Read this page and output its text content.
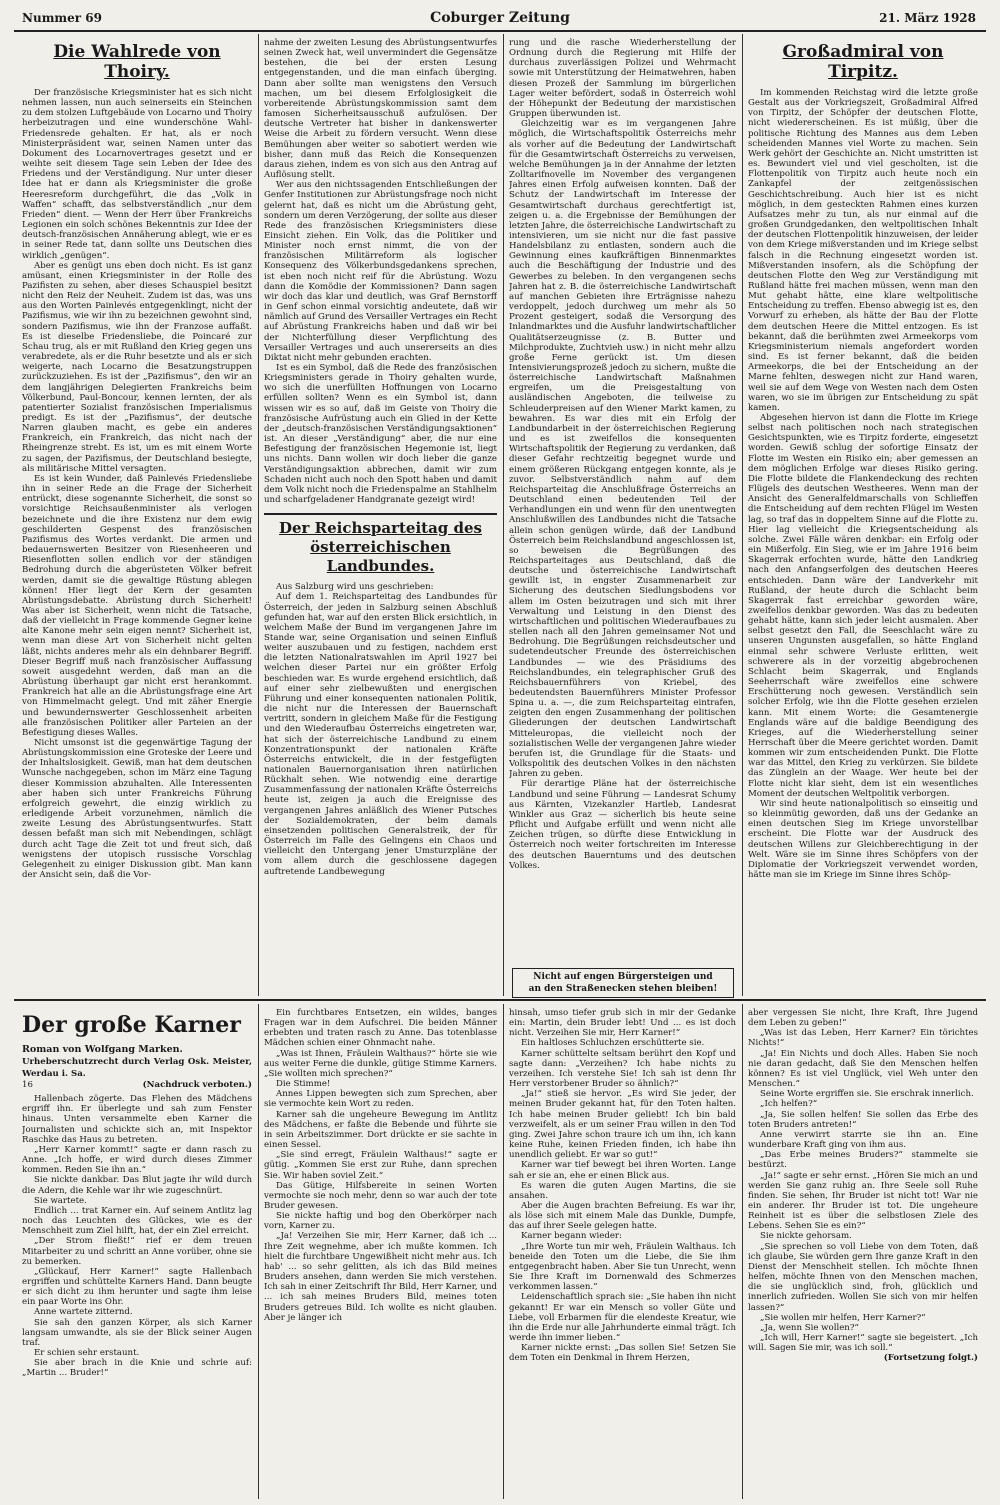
Nummer 69	Coburger Zeitung	21. März 1928
Die Wahlrede von Thoiry.

Der französische Kriegsminister hat es sich nicht nehmen lassen, nun auch seinerseits ein Steinchen zu dem stolzen Luftgebäude von Locarno und Thoiry herbeizutragen und eine wunderschöne Wahl-Friedensrede gehalten. Er hat, als er noch Ministerpräsident war, seinen Namen unter das Dokument des Locarnovertrages gesetzt und er weihte seit diesem Tage sein Leben der Idee des Friedens und der Verständigung. Nur unter dieser Idee hat er dann als Kriegsminister die große Heeresreform durchgeführt, die das „Volk in Waffen“ schafft, das selbstverständlich „nur dem Frieden“ dient. — Wenn der Herr über Frankreichs Legionen ein solch schönes Bekenntnis zur Idee der deutsch-französischen Annäherung ablegt, wie er es in seiner Rede tat, dann sollte uns Deutschen dies wirklich „genügen“.

Aber es genügt uns eben doch nicht. Es ist ganz amüsant, einen Kriegsminister in der Rolle des Pazifisten zu sehen, aber dieses Schauspiel besitzt nicht den Reiz der Neuheit. Zudem ist das, was uns aus den Worten Painlevés entgegenklingt, nicht der Pazifismus, wie wir ihn zu bezeichnen gewohnt sind, sondern Pazifismus, wie ihn der Franzose auffaßt. Es ist dieselbe Friedensliebe, die Poincaré zur Schau trug, als er mit Rußland den Krieg gegen uns verabredete, als er die Ruhr besetzte und als er sich weigerte, nach Locarno die Besatzungstruppen zurückzuziehen. Es ist der „Pazifismus“, den wir an dem langjährigen Delegierten Frankreichs beim Völkerbund, Paul-Boncour, kennen lernten, der als patentierter Sozialist französischen Imperialismus predigt. Es ist der „Pazifismus“, der deutsche Narren glauben macht, es gebe ein anderes Frankreich, ein Frankreich, das nicht nach der Rheingrenze strebt. Es ist, um es mit einem Worte zu sagen, der Pazifismus, der Deutschland besiegte, als militärische Mittel versagten.

Es ist kein Wunder, daß Painlevés Friedensliebe ihn in seiner Rede an die Frage der Sicherheit entrückt, diese sogenannte Sicherheit, die sonst so vorsichtige Reichsaußenminister als verlogen bezeichnete und die ihre Existenz nur dem ewig geschilderten Gespenst des französischen Pazifismus des Wortes verdankt. Die armen und bedauernswerten Besitzer von Riesenheeren und Riesenflotten sollen endlich vor der ständigen Bedrohung durch die abgerüsteten Völker befreit werden, damit sie die gewaltige Rüstung ablegen können! Hier liegt der Kern der gesamten Abrüstungsdebatte. Abrüstung durch Sicherheit! Was aber ist Sicherheit, wenn nicht die Tatsache, daß der vielleicht in Frage kommende Gegner keine alte Kanone mehr sein eigen nennt? Sicherheit ist, wenn man diese Art von Sicherheit nicht gelten läßt, nichts anderes mehr als ein dehnbarer Begriff. Dieser Begriff muß nach französischer Auffassung soweit ausgedehnt werden, daß man an die Abrüstung überhaupt gar nicht erst herankommt. Frankreich hat alle an die Abrüstungsfrage eine Art von Himmelmacht gelegt. Und mit zäher Energie und bewundernswerter Geschlossenheit arbeiten alle französischen Politiker aller Parteien an der Befestigung dieses Walles.

Nicht umsonst ist die gegenwärtige Tagung der Abrüstungskommission eine Groteske der Leere und der Inhaltslosigkeit. Gewiß, man hat dem deutschen Wunsche nachgegeben, schon im März eine Tagung dieser Kommission abzuhalten. Alle Interessenten aber haben sich unter Frankreichs Führung erfolgreich gewehrt, die einzig wirklich zu erledigende Arbeit vorzunehmen, nämlich die zweite Lesung des Abrüstungsentwurfes. Statt dessen befaßt man sich mit Nebendingen, schlägt durch acht Tage die Zeit tot und freut sich, daß wenigstens der utopisch russische Vorschlag Gelegenheit zu einiger Diskussion gibt. Man kann der Ansicht sein, daß die Vor-

nahme der zweiten Lesung des Abrüstungsentwurfes seinen Zweck hat, weil unvermindert die Gegensätze bestehen, die bei der ersten Lesung entgegenstanden, und die man einfach überging. Dann aber sollte man wenigstens den Versuch machen, um bei diesem Erfolglosigkeit die vorbereitende Abrüstungskommission samt dem famosen Sicherheitsausschuß aufzulösen. Der deutsche Vertreter hat bisher in dankenswerter Weise die Arbeit zu fördern versucht. Wenn diese Bemühungen aber weiter so sabotiert werden wie bisher, dann muß das Reich die Konsequenzen daraus ziehen, indem es von sich aus den Antrag auf Auflösung stellt.

Wer aus den nichtssagenden Entschließungen der Genfer Institutionen zur Abrüstungsfrage noch nicht gelernt hat, daß es nicht um die Abrüstung geht, sondern um deren Verzögerung, der sollte aus dieser Rede des französischen Kriegsministers diese Einsicht ziehen. Ein Volk, das die Politiker und Minister noch ernst nimmt, die von der französischen Militärreform als logischer Konsequenz des Völkerbundsgedankens sprechen, ist eben noch nicht reif für die Abrüstung. Wozu dann die Komödie der Kommissionen? Dann sagen wir doch das klar und deutlich, was Graf Bernstorff in Genf schon einmal vorsichtig andeutete, daß wir nämlich auf Grund des Versailler Vertrages ein Recht auf Abrüstung Frankreichs haben und daß wir bei der Nichterfüllung dieser Verpflichtung des Versailler Vertrages und auch unsererseits an dies Diktat nicht mehr gebunden erachten.

Ist es ein Symbol, daß die Rede des französischen Kriegsministers gerade in Thoiry gehalten wurde, wo sich die unerfüllten Hoffnungen von Locarno erfüllen sollten? Wenn es ein Symbol ist, dann wissen wir es so auf, daß im Geiste von Thoiry die französische Aufrüstung auch ein Glied in der Kette der „deutsch-französischen Verständigungsaktionen“ ist. An dieser „Verständigung“ aber, die nur eine Befestigung der französischen Hegemonie ist, liegt uns nichts. Dann wollen wir doch lieber die ganze Verständigungsaktion abbrechen, damit wir zum Schaden nicht auch noch den Spott haben und damit dem Volk nicht noch die Friedenspalme an Stahlhelm und scharfgeladener Handgranate gezeigt wird!

Der Reichsparteitag des österreichischen Landbundes.

Aus Salzburg wird uns geschrieben:

Auf dem 1. Reichsparteitag des Landbundes für Österreich, der jeden in Salzburg seinen Abschluß gefunden hat, war auf den ersten Blick ersichtlich, in welchem Maße der Bund im vergangenen Jahre im Stande war, seine Organisation und seinen Einfluß weiter auszubauen und zu festigen, nachdem erst die letzten Nationalratswahlen im April 1927 bei welchen dieser Partei nur ein größter Erfolg beschieden war. Es wurde ergehend ersichtlich, daß auf einer sehr zielbewußten und energischen Führung und einer konsequenten nationalen Politik, die nicht nur die Interessen der Bauernschaft vertritt, sondern in gleichem Maße für die Festigung und den Wiederaufbau Österreichs eingetreten war, hat sich der österreichische Landbund zu einem Konzentrationspunkt der nationalen Kräfte Österreichs entwickelt, die in der festgefügten nationalen Bauernorganisation ihren natürlichen Rückhalt sehen. Wie notwendig eine derartige Zusammenfassung der nationalen Kräfte Österreichs heute ist, zeigen ja auch die Ereignisse des vergangenen Jahres anläßlich des Wiener Putsches der Sozialdemokraten, der beim damals einsetzenden politischen Generalstreik, der für Österreich im Falle des Gelingens ein Chaos und vielleicht den Untergang jener Umsturzpläne der vom allem durch die geschlossene dagegen auftretende Landbewegung

rung und die rasche Wiederherstellung der Ordnung durch die Regierung mit Hilfe der durchaus zuverlässigen Polizei und Wehrmacht sowie mit Unterstützung der Heimatwehren, haben diesen Prozeß der Sammlung im bürgerlichen Lager weiter befördert, sodaß in Österreich wohl der Höhepunkt der Bedeutung der marxistischen Gruppen überwunden ist.

Gleichzeitig war es im vergangenen Jahre möglich, die Wirtschaftspolitik Österreichs mehr als vorher auf die Bedeutung der Landwirtschaft für die Gesamtwirtschaft Österreichs zu verweisen, welche Bemühungen ja in der Annahme der letzten Zolltarifnovelle im November des vergangenen Jahres einen Erfolg aufweisen konnten. Daß der Schutz der Landwirtschaft im Interesse der Gesamtwirtschaft durchaus gerechtfertigt ist, zeigen u. a. die Ergebnisse der Bemühungen der letzten Jahre, die österreichische Landwirtschaft zu intensivieren, um sie nicht nur die fast passive Handelsbilanz zu entlasten, sondern auch die Gewinnung eines kaufkräftigen Binnenmarktes auch die Beschäftigung der Industrie und des Gewerbes zu beleben. In den vergangenen sechs Jahren hat z. B. die österreichische Landwirtschaft auf manchen Gebieten ihre Erträgnisse nahezu verdoppelt, jedoch durchweg um mehr als 50 Prozent gesteigert, sodaß die Versorgung des Inlandmarktes und die Ausfuhr landwirtschaftlicher Qualitätserzeugnisse (z. B. Butter und Milchprodukte, Zuchtvieh usw.) in nicht mehr allzu große Ferne gerückt ist. Um diesen Intensivierungsprozeß jedoch zu sichern, mußte die österreichische Landwirtschaft Maßnahmen ergreifen, um die Preisgestaltung von ausländischen Angeboten, die teilweise zu Schleuderpreisen auf den Wiener Markt kamen, zu bewahren. Es war dies mit ein Erfolg der Landbundarbeit in der österreichischen Regierung und es ist zweifellos die konsequenten Wirtschaftspolitik der Regierung zu verdanken, daß dieser Gefahr rechtzeitig begegnet wurde und einem größeren Rückgang entgegen konnte, als je zuvor. Selbstverständlich nahm auf dem Reichsparteitag die Anschlußfrage Österreichs an Deutschland einen bedeutenden Teil der Verhandlungen ein und wenn für den unentwegten Anschlußwillen des Landbundes nicht die Tatsache allein schon genügen würde, daß der Landbund Österreich beim Reichslandbund angeschlossen ist, so beweisen die Begrüßungen des Reichsparteitages aus Deutschland, daß die deutsche und österreichische Landwirtschaft gewillt ist, in engster Zusammenarbeit zur Sicherung des deutschen Siedlungsbodens vor allem im Osten beizutragen und sich mit ihrer Verwaltung und Leistung in den Dienst des wirtschaftlichen und politischen Wiederaufbaues zu stellen nach all den Jahren gemeinsamer Not und Bedrohung. Die Begrüßungen reichsdeutscher und sudetendeutscher Freunde des österreichischen Landbundes — wie des Präsidiums des Reichslandbundes, ein telegraphischer Gruß des Reichsbauernführers von Kriebel, des bedeutendsten Bauernführers Minister Professor Spina u. a. —, die zum Reichsparteitag eintrafen, zeigten den engen Zusammenhang der politischen Gliederungen der deutschen Landwirtschaft Mitteleuropas, die vielleicht noch der sozialistischen Welle der vergangenen Jahre wieder berufen ist, die Grundlage für die Staats- und Volkspolitik des deutschen Volkes in den nächsten Jahren zu geben.

Für derartige Pläne hat der österreichische Landbund und seine Führung — Landesrat Schumy aus Kärnten, Vizekanzler Hartleb, Landesrat Winkler aus Graz — sicherlich bis heute seine Pflicht und Aufgabe erfüllt und wenn nicht alle Zeichen trügen, so dürfte diese Entwicklung in Österreich noch weiter fortschreiten im Interesse des deutschen Bauerntums und des deutschen Volkes.

Nicht auf engen Bürgersteigen und
an den Straßenecken stehen bleiben!
Großadmiral von Tirpitz.

Im kommenden Reichstag wird die letzte große Gestalt aus der Vorkriegszeit, Großadmiral Alfred von Tirpitz, der Schöpfer der deutschen Flotte, nicht wiedererscheinen. Es ist müßig, über die politische Richtung des Mannes aus dem Leben scheidenden Mannes viel Worte zu machen. Sein Werk gehört der Geschichte an. Nicht umstritten ist es. Bewundert viel und viel gescholten, ist die Flottenpolitik von Tirpitz auch heute noch ein Zankapfel der zeitgenössischen Geschichtschreibung. Auch hier ist es nicht möglich, in dem gesteckten Rahmen eines kurzen Aufsatzes mehr zu tun, als nur einmal auf die großen Grundgedanken, den weltpolitischen Inhalt der deutschen Flottenpolitik hinzuweisen, der leider von dem Kriege mißverstanden und im Kriege selbst falsch in die Rechnung eingesetzt worden ist. Mißverstanden insofern, als die Schöpfung der deutschen Flotte den Weg zur Verständigung mit Rußland hätte frei machen müssen, wenn man den Mut gehabt hätte, eine klare weltpolitische Entscheidung zu treffen. Ebenso abwegig ist es, den Vorwurf zu erheben, als hätte der Bau der Flotte dem deutschen Heere die Mittel entzogen. Es ist bekannt, daß die berühmten zwei Armeekorps vom Kriegsministerium niemals angefordert worden sind. Es ist ferner bekannt, daß die beiden Armeekorps, die bei der Entscheidung an der Marne fehlten, deswegen nicht zur Hand waren, weil sie auf dem Wege von Westen nach dem Osten waren, wo sie im übrigen zur Entscheidung zu spät kamen.

Abgesehen hiervon ist dann die Flotte im Kriege selbst nach politischen noch nach strategischen Gesichtspunkten, wie es Tirpitz forderte, eingesetzt worden. Gewiß schlug der sofortige Einsatz der Flotte im Westen ein Risiko ein; aber gemessen an dem möglichen Erfolge war dieses Risiko gering. Die Flotte bildete die Flankendeckung des rechten Flügels des deutschen Westheeres. Wenn man der Ansicht des Generalfeldmarschalls von Schlieffen die Entscheidung auf dem rechten Flügel im Westen lag, so traf das in doppeltem Sinne auf die Flotte zu. Hier lag vielleicht die Kriegsentscheidung als solche. Zwei Fälle wären denkbar: ein Erfolg oder ein Mißerfolg. Ein Sieg, wie er im Jahre 1916 beim Skagerrak erfochten wurde, hätte den Landkrieg nach den Anfangserfolgen des deutschen Heeres entschieden. Dann wäre der Landverkehr mit Rußland, der heute durch die Schlacht beim Skagerrak fast erreichbar geworden wäre, zweifellos denkbar geworden. Was das zu bedeuten gehabt hätte, kann sich jeder leicht ausmalen. Aber selbst gesetzt den Fall, die Seeschlacht wäre zu unseren Ungunsten ausgefallen, so hätte England einmal sehr schwere Verluste erlitten, weit schwerere als in der vorzeitig abgebrochenen Schlacht beim Skagerrak, und Englands Seeherrschaft wäre zweifellos eine schwere Erschütterung noch gewesen. Verständlich sein solcher Erfolg, wie ihn die Flotte gesehen erzielen kann. Mit einem Worte: die Gesamtenergie Englands wäre auf die baldige Beendigung des Krieges, auf die Wiederherstellung seiner Herrschaft über die Meere gerichtet worden. Damit kommen wir zum entscheidenden Punkt. Die Flotte war das Mittel, den Krieg zu verkürzen. Sie bildete das Zünglein an der Waage. Wer heute bei der Flotte nicht klar sieht, dem ist ein wesentliches Moment der deutschen Weltpolitik verborgen.

Wir sind heute nationalpolitisch so einseitig und so kleinmütig geworden, daß uns der Gedanke an einen deutschen Sieg im Kriege unvorstellbar erscheint. Die Flotte war der Ausdruck des deutschen Willens zur Gleichberechtigung in der Welt. Wäre sie im Sinne ihres Schöpfers von der Diplomatie der Vorkriegszeit verwendet worden, hätte man sie im Kriege im Sinne ihres Schöp-

Der große Karner
Roman von Wolfgang Marken.
Urheberschutzrecht durch Verlag Osk. Meister, Werdau i. Sa.
16	(Nachdruck verboten.)

Hallenbach zögerte. Das Flehen des Mädchens ergriff ihn. Er überlegte und sah zum Fenster hinaus. Unten versammelte eben Karner die Journalisten und schickte sich an, mit Inspektor Raschke das Haus zu betreten.

„Herr Karner kommt!“ sagte er dann rasch zu Anne. „Ich hoffe, er wird durch dieses Zimmer kommen. Reden Sie ihn an.“

Sie nickte dankbar. Das Blut jagte ihr wild durch die Adern, die Kehle war ihr wie zugeschnürt.

Sie wartete.

Endlich ... trat Karner ein. Auf seinem Antlitz lag noch das Leuchten des Glückes, wie es der Menschheit zum Ziel hilft, hat, der ein Ziel erreicht.

„Der Strom fließt!“ rief er dem treuen Mitarbeiter zu und schritt an Anne vorüber, ohne sie zu bemerken.

„Glückauf, Herr Karner!“ sagte Hallenbach ergriffen und schüttelte Karners Hand. Dann beugte er sich dicht zu ihm herunter und sagte ihm leise ein paar Worte ins Ohr.

Anne wartete zitternd.

Sie sah den ganzen Körper, als sich Karner langsam umwandte, als sie der Blick seiner Augen traf.

Er schien sehr erstaunt.

Sie aber brach in die Knie und schrie auf: „Martin ... Bruder!“

Ein furchtbares Entsetzen, ein wildes, banges Fragen war in dem Aufschrei. Die beiden Männer erbebten und traten rasch zu Anne. Das totenblasse Mädchen schien einer Ohnmacht nahe.

„Was ist Ihnen, Fräulein Walthaus?“ hörte sie wie aus weiter Ferne die dunkle, gütige Stimme Karners. „Sie wollten mich sprechen?“

Die Stimme!

Annes Lippen bewegten sich zum Sprechen, aber sie vermochte kein Wort zu reden.

Karner sah die ungeheure Bewegung im Antlitz des Mädchens, er faßte die Bebende und führte sie in sein Arbeitszimmer. Dort drückte er sie sachte in einen Sessel.

„Sie sind erregt, Fräulein Walthaus!“ sagte er gütig. „Kommen Sie erst zur Ruhe, dann sprechen Sie. Wir haben soviel Zeit.“

Das Gütige, Hilfsbereite in seinen Worten vermochte sie noch mehr, denn so war auch der tote Bruder gewesen.

Sie nickte haftig und bog den Oberkörper nach vorn, Karner zu.

„Ja! Verzeihen Sie mir, Herr Karner, daß ich ... Ihre Zeit wegnehme, aber ich mußte kommen. Ich hielt die furchtbare Ungewißheit nicht mehr aus. Ich hab' ... so sehr gelitten, als ich das Bild meines Bruders ansehen, dann werden Sie mich verstehen. Ich sah in einer Zeitschrift Ihr Bild, Herr Karner, und ... ich sah meines Bruders Bild, meines toten Bruders getreues Bild. Ich wollte es nicht glauben. Aber je länger ich

hinsah, umso tiefer grub sich in mir der Gedanke ein: Martin, dein Bruder lebt! Und ... es ist doch nicht. Verzeihen Sie mir, Herr Karner!“

Ein haltloses Schluchzen erschütterte sie.

Karner schüttelte seltsam berührt den Kopf und sagte dann: „Verzeihen? Ich habe nichts zu verzeihen. Ich verstehe Sie! Ich sah ist denn Ihr Herr verstorbener Bruder so ähnlich?“

„Ja!“ stieß sie hervor. „Es wird Sie jeder, der meinen Bruder gekannt hat, für den Toten halten. Ich habe meinen Bruder geliebt! Ich bin bald verzweifelt, als er um seiner Frau willen in den Tod ging. Zwei Jahre schon traure ich um ihn, ich kann keine Ruhe, keinen Frieden finden, ich habe ihn unendlich geliebt. Er war so gut!“

Karner war tief bewegt bei ihren Worten. Lange sah er sie an, ehe er einen Blick aus.

Es waren die guten Augen Martins, die sie ansahen.

Aber die Augen brachten Befreiung. Es war ihr, als löse sich mit einem Male das Dunkle, Dumpfe, das auf ihrer Seele gelegen hatte.

Karner begann wieder:

„Ihre Worte tun mir weh, Fräulein Walthaus. Ich beneide den Toten um die Liebe, die Sie ihm entgegenbracht haben. Aber Sie tun Unrecht, wenn Sie Ihre Kraft im Dornenwald des Schmerzes verkommen lassen.“

Leidenschaftlich sprach sie: „Sie haben ihn nicht gekannt! Er war ein Mensch so voller Güte und Liebe, voll Erbarmen für die elendeste Kreatur, wie ihn die Erde nur alle Jahrhunderte einmal trägt. Ich werde ihn immer lieben.“

Karner nickte ernst: „Das sollen Sie! Setzen Sie dem Toten ein Denkmal in Ihrem Herzen,

aber vergessen Sie nicht, Ihre Kraft, Ihre Jugend dem Leben zu geben!“

„Was ist das Leben, Herr Karner? Ein törichtes Nichts!“

„Ja! Ein Nichts und doch Alles. Haben Sie noch nie daran gedacht, daß Sie den Menschen helfen können? Es ist viel Unglück, viel Weh unter den Menschen.“

Seine Worte ergriffen sie. Sie erschrak innerlich.

„Ich helfen?“

„Ja, Sie sollen helfen! Sie sollen das Erbe des toten Bruders antreten!“

Anne verwirrt starrte sie ihn an. Eine wunderbare Kraft ging von ihm aus.

„Das Erbe meines Bruders?“ stammelte sie bestürzt.

„Ja!“ sagte er sehr ernst. „Hören Sie mich an und werden Sie ganz ruhig an. Ihre Seele soll Ruhe finden. Sie sehen, Ihr Bruder ist nicht tot! War nie ein anderer. Ihr Bruder ist tot. Die ungeheure Reinheit ist es über die selbstlosen Ziele des Lebens. Sehen Sie es ein?“

Sie nickte gehorsam.

„Sie sprechen so voll Liebe von dem Toten, daß ich glaube, Sie würden gern Ihre ganze Kraft in den Dienst der Menschheit stellen. Ich möchte Ihnen helfen, möchte Ihnen von den Menschen machen, die sie unglücklich sind, froh, glücklich und innerlich zufrieden. Wollen Sie sich von mir helfen lassen?“

„Sie wollen mir helfen, Herr Karner?“

„Ja, wenn Sie wollen?“

„Ich will, Herr Karner!“ sagte sie begeistert. „Ich will. Sagen Sie mir, was ich soll.“

(Fortsetzung folgt.)
